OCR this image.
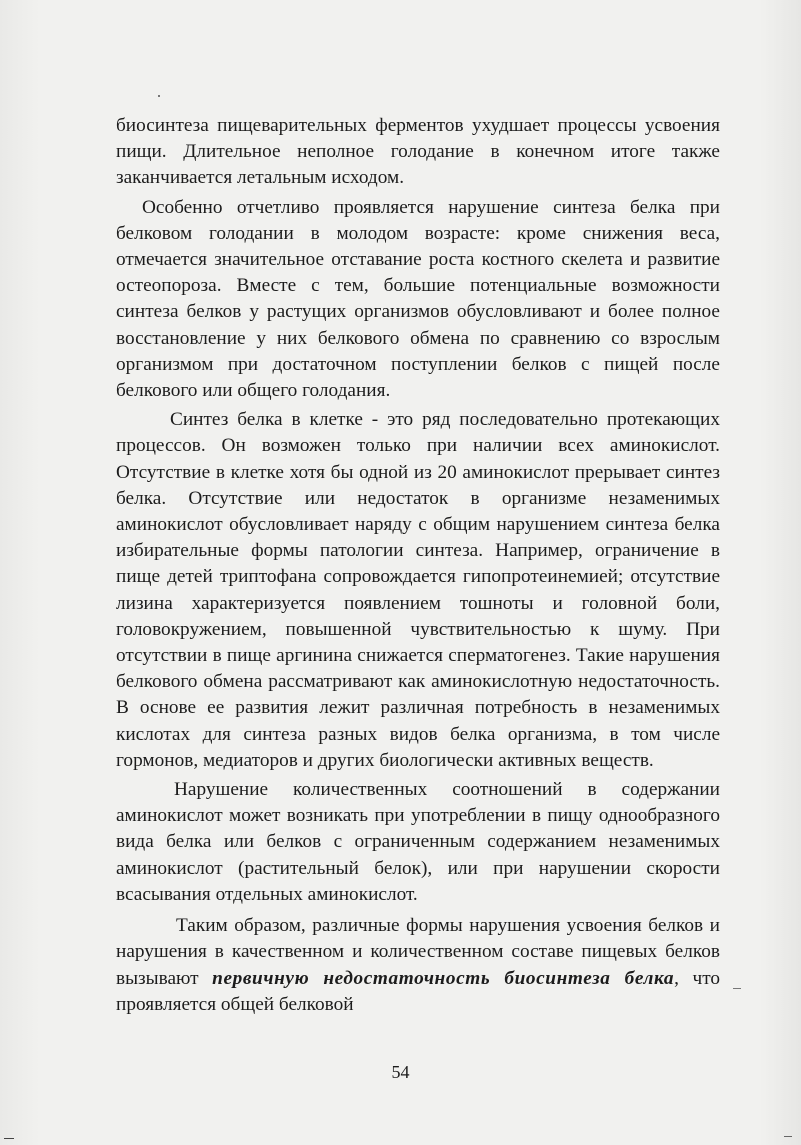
биосинтеза пищеварительных ферментов ухудшает процессы усвоения пищи. Длительное неполное голодание в конечном итоге также заканчивается летальным исходом.

Особенно отчетливо проявляется нарушение синтеза белка при белковом голодании в молодом возрасте: кроме снижения веса, отмечается значительное отставание роста костного скелета и развитие остеопороза. Вместе с тем, большие потенциальные возможности синтеза белков у растущих организмов обусловливают и более полное восстановление у них белкового обмена по сравнению со взрослым организмом при достаточном поступлении белков с пищей после белкового или общего голодания.

Синтез белка в клетке - это ряд последовательно протекающих процессов. Он возможен только при наличии всех аминокислот. Отсутствие в клетке хотя бы одной из 20 аминокислот прерывает синтез белка. Отсутствие или недостаток в организме незаменимых аминокислот обусловливает наряду с общим нарушением синтеза белка избирательные формы патологии синтеза. Например, ограничение в пище детей триптофана сопровождается гипопротеинемией; отсутствие лизина характеризуется появлением тошноты и головной боли, головокружением, повышенной чувствительностью к шуму. При отсутствии в пище аргинина снижается сперматогенез. Такие нарушения белкового обмена рассматривают как аминокислотную недостаточность. В основе ее развития лежит различная потребность в незаменимых кислотах для синтеза разных видов белка организма, в том числе гормонов, медиаторов и других биологически активных веществ.

Нарушение количественных соотношений в содержании аминокислот может возникать при употреблении в пищу однообразного вида белка или белков с ограниченным содержанием незаменимых аминокислот (растительный белок), или при нарушении скорости всасывания отдельных аминокислот.

Таким образом, различные формы нарушения усвоения белков и нарушения в качественном и количественном составе пищевых белков вызывают первичную недостаточность биосинтеза белка, что проявляется общей белковой

54
